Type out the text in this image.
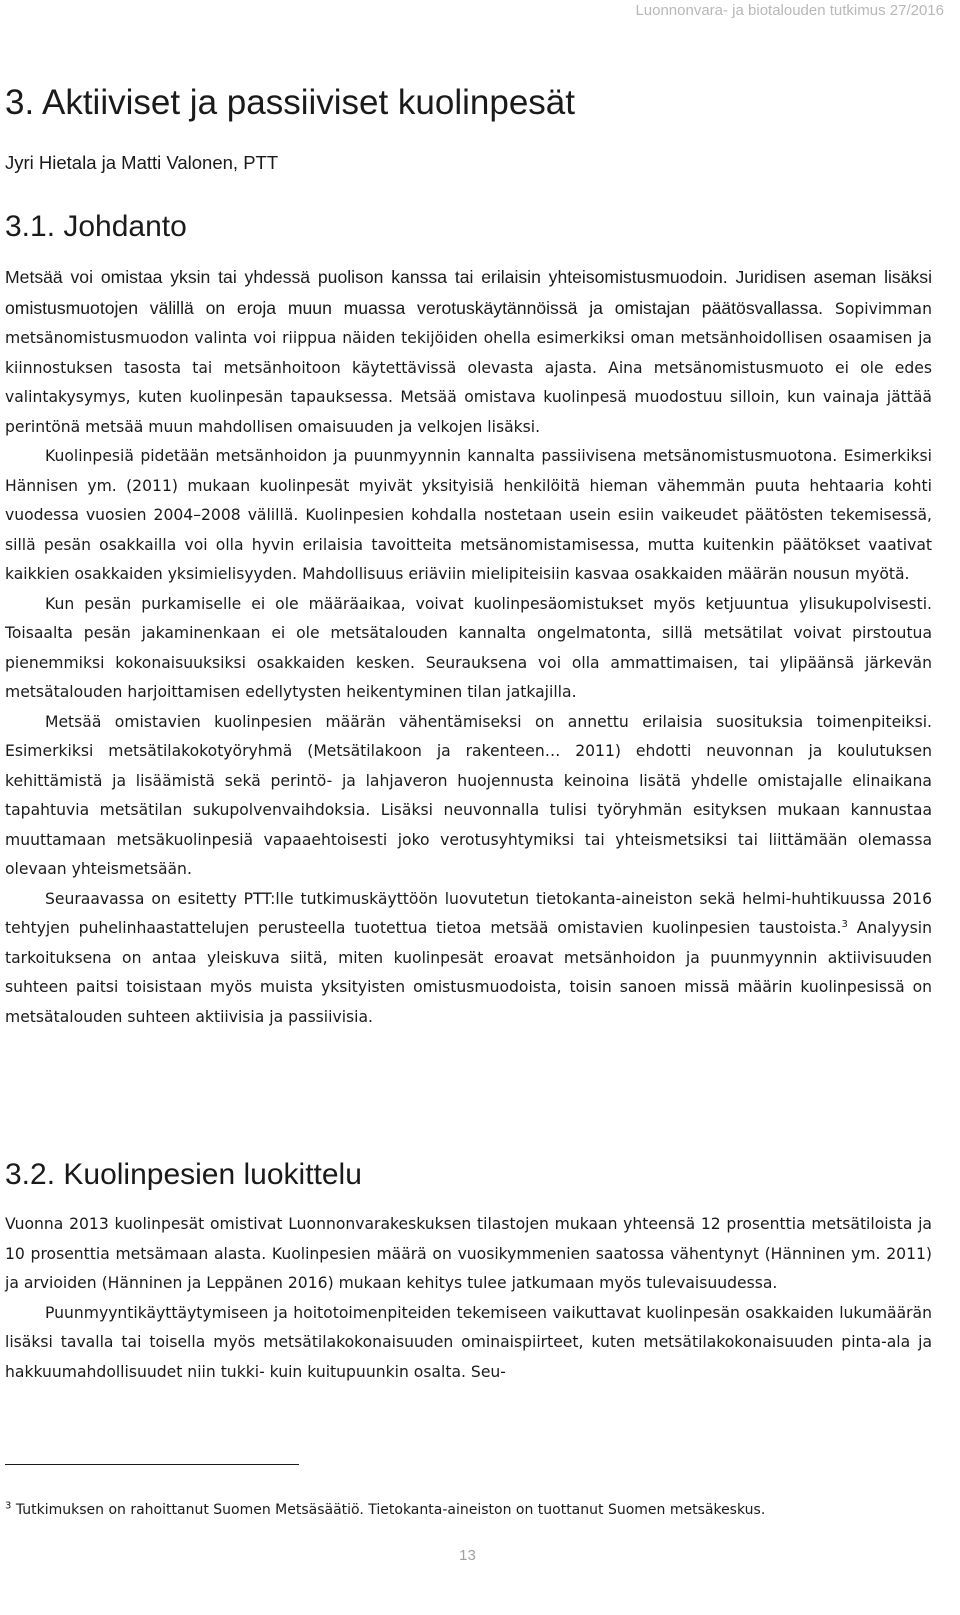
Luonnonvara- ja biotalouden tutkimus 27/2016
3. Aktiiviset ja passiiviset kuolinpesät
Jyri Hietala ja Matti Valonen, PTT
3.1. Johdanto

Metsää voi omistaa yksin tai yhdessä puolison kanssa tai erilaisin yhteisomistusmuodoin. Juridisen aseman lisäksi omistusmuotojen välillä on eroja muun muassa verotuskäytännöissä ja omistajan päätösvallassa. Sopivimman metsänomistusmuodon valinta voi riippua näiden tekijöiden ohella esimerkiksi oman metsänhoidollisen osaamisen ja kiinnostuksen tasosta tai metsänhoitoon käytettävissä olevasta ajasta. Aina metsänomistusmuoto ei ole edes valintakysymys, kuten kuolinpesän tapauksessa. Metsää omistava kuolinpesä muodostuu silloin, kun vainaja jättää perintönä metsää muun mahdollisen omaisuuden ja velkojen lisäksi.

Kuolinpesiä pidetään metsänhoidon ja puunmyynnin kannalta passiivisena metsänomistusmuotona. Esimerkiksi Hännisen ym. (2011) mukaan kuolinpesät myivät yksityisiä henkilöitä hieman vähemmän puuta hehtaaria kohti vuodessa vuosien 2004–2008 välillä. Kuolinpesien kohdalla nostetaan usein esiin vaikeudet päätösten tekemisessä, sillä pesän osakkailla voi olla hyvin erilaisia tavoitteita metsänomistamisessa, mutta kuitenkin päätökset vaativat kaikkien osakkaiden yksimielisyyden. Mahdollisuus eriäviin mielipiteisiin kasvaa osakkaiden määrän nousun myötä.

Kun pesän purkamiselle ei ole määräaikaa, voivat kuolinpesäomistukset myös ketjuuntua ylisukupolvisesti. Toisaalta pesän jakaminenkaan ei ole metsätalouden kannalta ongelmatonta, sillä metsätilat voivat pirstoutua pienemmiksi kokonaisuuksiksi osakkaiden kesken. Seurauksena voi olla ammattimaisen, tai ylipäänsä järkevän metsätalouden harjoittamisen edellytysten heikentyminen tilan jatkajilla.

Metsää omistavien kuolinpesien määrän vähentämiseksi on annettu erilaisia suosituksia toimenpiteiksi. Esimerkiksi metsätilakokotyöryhmä (Metsätilakoon ja rakenteen… 2011) ehdotti neuvonnan ja koulutuksen kehittämistä ja lisäämistä sekä perintö- ja lahjaveron huojennusta keinoina lisätä yhdelle omistajalle elinaikana tapahtuvia metsätilan sukupolvenvaihdoksia. Lisäksi neuvonnalla tulisi työryhmän esityksen mukaan kannustaa muuttamaan metsäkuolinpesiä vapaaehtoisesti joko verotusyhtymiksi tai yhteismetsiksi tai liittämään olemassa olevaan yhteismetsään.

Seuraavassa on esitetty PTT:lle tutkimuskäyttöön luovutetun tietokanta-aineiston sekä helmi-huhtikuussa 2016 tehtyjen puhelinhaastattelujen perusteella tuotettua tietoa metsää omistavien kuolinpesien taustoista.$^3$ Analyysin tarkoituksena on antaa yleiskuva siitä, miten kuolinpesät eroavat metsänhoidon ja puunmyynnin aktiivisuuden suhteen paitsi toisistaan myös muista yksityisten omistusmuodoista, toisin sanoen missä määrin kuolinpesissä on metsätalouden suhteen aktiivisia ja passiivisia.

3.2. Kuolinpesien luokittelu

Vuonna 2013 kuolinpesät omistivat Luonnonvarakeskuksen tilastojen mukaan yhteensä 12 prosenttia metsätiloista ja 10 prosenttia metsämaan alasta. Kuolinpesien määrä on vuosikymmenien saatossa vähentynyt (Hänninen ym. 2011) ja arvioiden (Hänninen ja Leppänen 2016) mukaan kehitys tulee jatkumaan myös tulevaisuudessa.

Puunmyyntikäyttäytymiseen ja hoitotoimenpiteiden tekemiseen vaikuttavat kuolinpesän osakkaiden lukumäärän lisäksi tavalla tai toisella myös metsätilakokonaisuuden ominaispiirteet, kuten metsätilakokonaisuuden pinta-ala ja hakkuumahdollisuudet niin tukki- kuin kuitupuunkin osalta. Seu-

$^3$ Tutkimuksen on rahoittanut Suomen Metsäsäätiö. Tietokanta-aineiston on tuottanut Suomen metsäkeskus.
13
